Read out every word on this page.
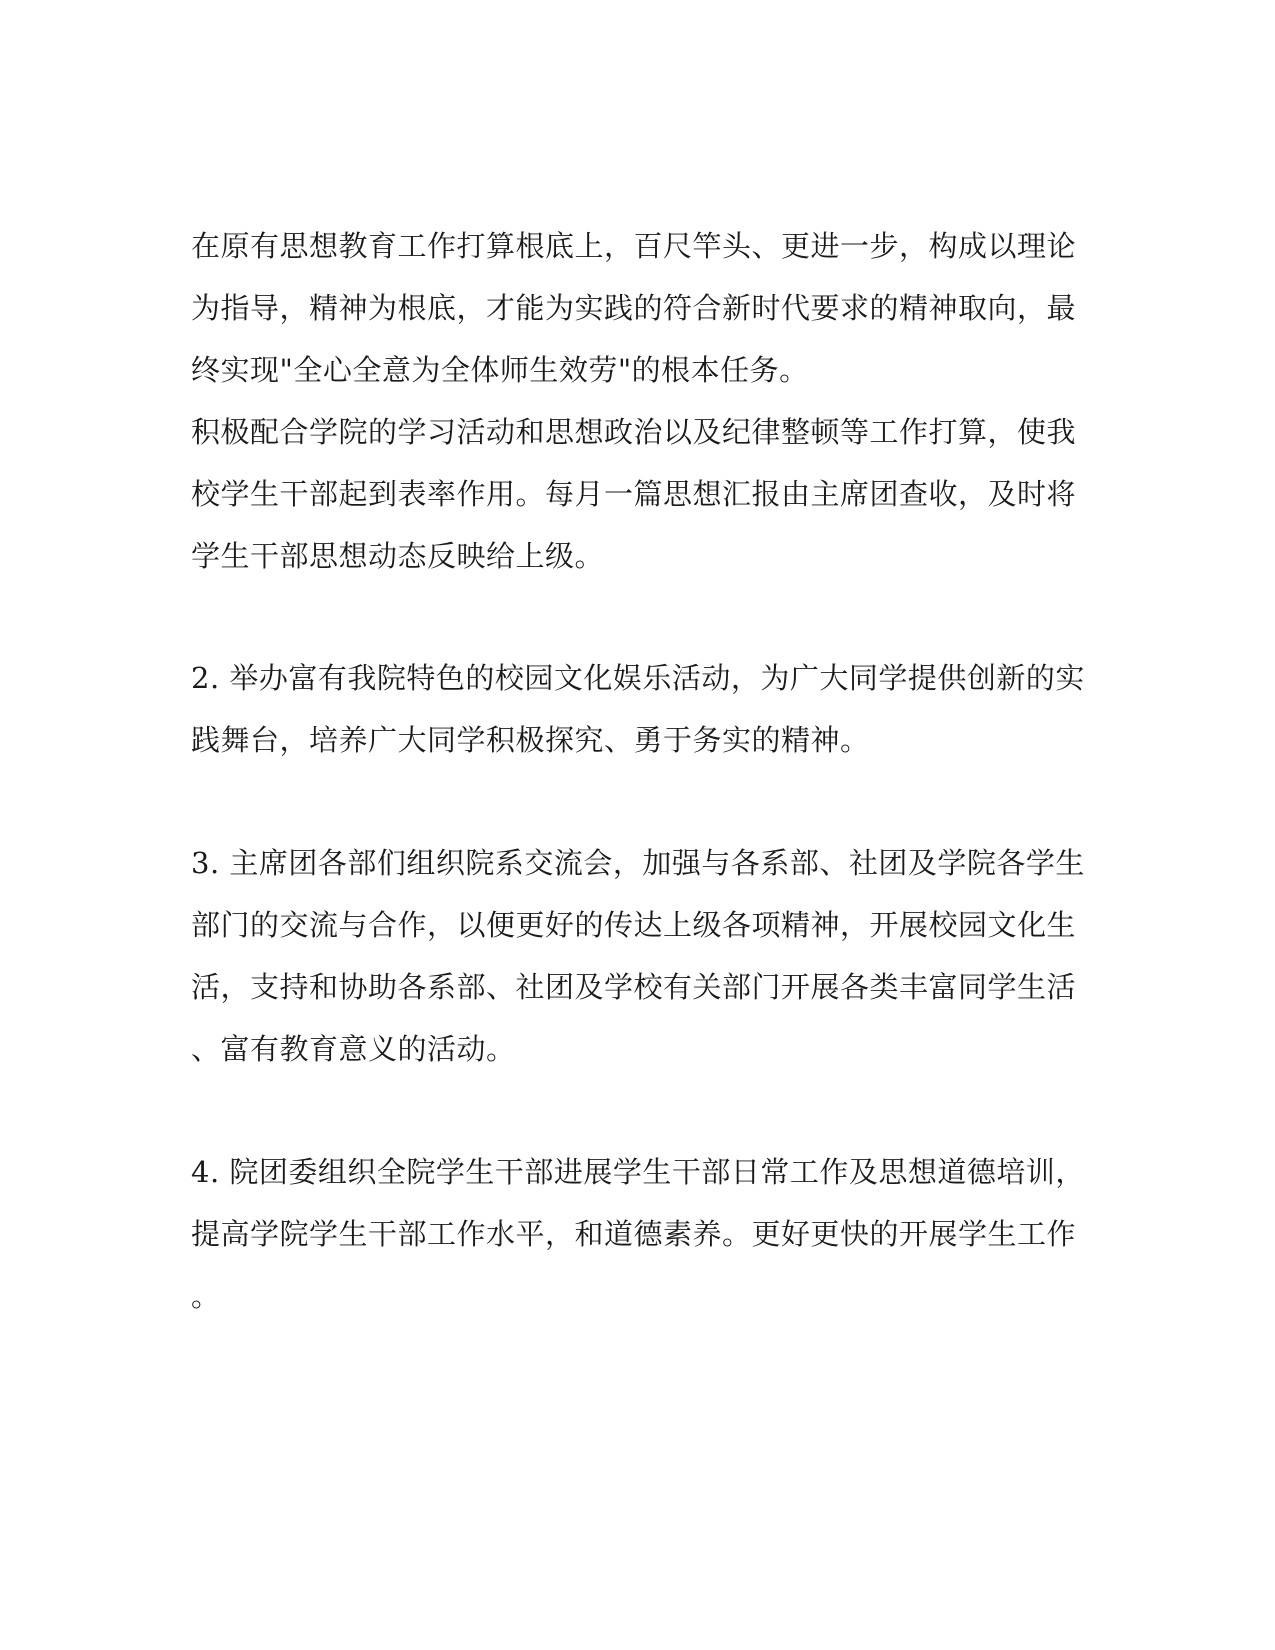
在原有思想教育工作打算根底上，百尺竿头、更进一步，构成以理论
为指导，精神为根底，才能为实践的符合新时代要求的精神取向，最
终实现"全心全意为全体师生效劳"的根本任务。
积极配合学院的学习活动和思想政治以及纪律整顿等工作打算，使我
校学生干部起到表率作用。每月一篇思想汇报由主席团查收，及时将
学生干部思想动态反映给上级。
2. 举办富有我院特色的校园文化娱乐活动，为广大同学提供创新的实
践舞台，培养广大同学积极探究、勇于务实的精神。
3. 主席团各部们组织院系交流会，加强与各系部、社团及学院各学生
部门的交流与合作，以便更好的传达上级各项精神，开展校园文化生
活，支持和协助各系部、社团及学校有关部门开展各类丰富同学生活
、富有教育意义的活动。
4. 院团委组织全院学生干部进展学生干部日常工作及思想道德培训，
提高学院学生干部工作水平，和道德素养。更好更快的开展学生工作
。
